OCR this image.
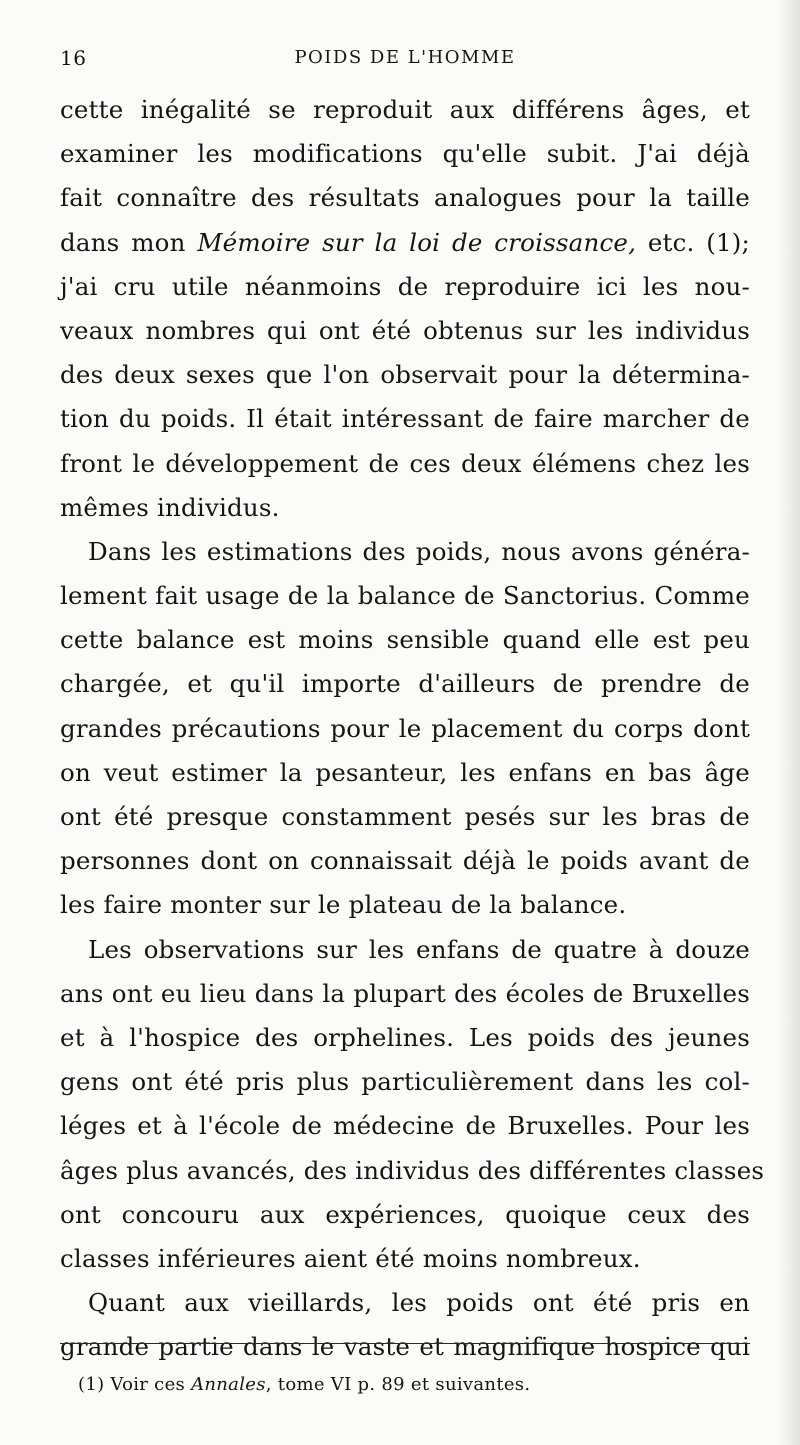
16	POIDS DE L'HOMME
cette inégalité se reproduit aux différens âges, et
examiner les modifications qu'elle subit. J'ai déjà
fait connaître des résultats analogues pour la taille
dans mon Mémoire sur la loi de croissance, etc. (1);
j'ai cru utile néanmoins de reproduire ici les nou-
veaux nombres qui ont été obtenus sur les individus
des deux sexes que l'on observait pour la détermina-
tion du poids. Il était intéressant de faire marcher de
front le développement de ces deux élémens chez les
mêmes individus.
Dans les estimations des poids, nous avons généra-
lement fait usage de la balance de Sanctorius. Comme
cette balance est moins sensible quand elle est peu
chargée, et qu'il importe d'ailleurs de prendre de
grandes précautions pour le placement du corps dont
on veut estimer la pesanteur, les enfans en bas âge
ont été presque constamment pesés sur les bras de
personnes dont on connaissait déjà le poids avant de
les faire monter sur le plateau de la balance.
Les observations sur les enfans de quatre à douze
ans ont eu lieu dans la plupart des écoles de Bruxelles
et à l'hospice des orphelines. Les poids des jeunes
gens ont été pris plus particulièrement dans les col-
léges et à l'école de médecine de Bruxelles. Pour les
âges plus avancés, des individus des différentes classes
ont concouru aux expériences, quoique ceux des
classes inférieures aient été moins nombreux.
Quant aux vieillards, les poids ont été pris en
grande partie dans le vaste et magnifique hospice qui
(1) Voir ces Annales, tome VI p. 89 et suivantes.
